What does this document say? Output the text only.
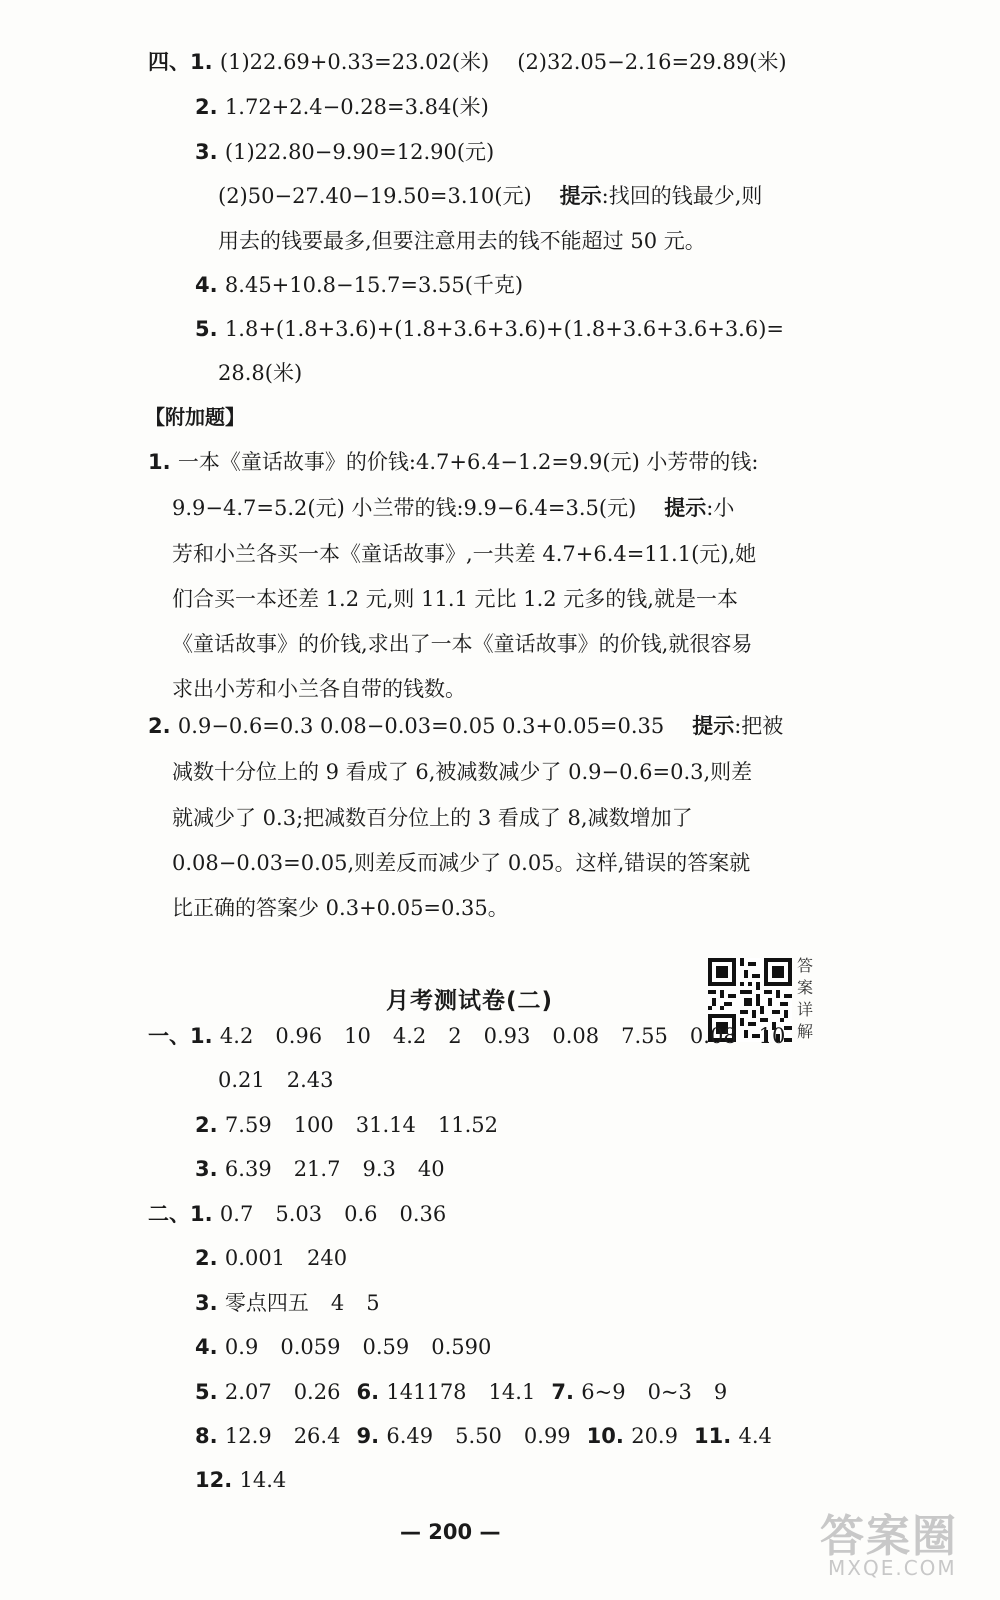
四、1. (1)22.69+0.33=23.02(米) (2)32.05−2.16=29.89(米)
2. 1.72+2.4−0.28=3.84(米)
3. (1)22.80−9.90=12.90(元)
(2)50−27.40−19.50=3.10(元) 提示:找回的钱最少,则
用去的钱要最多,但要注意用去的钱不能超过 50 元。
4. 8.45+10.8−15.7=3.55(千克)
5. 1.8+(1.8+3.6)+(1.8+3.6+3.6)+(1.8+3.6+3.6+3.6)=
28.8(米)
【附加题】
1. 一本《童话故事》的价钱:4.7+6.4−1.2=9.9(元) 小芳带的钱:
9.9−4.7=5.2(元) 小兰带的钱:9.9−6.4=3.5(元) 提示:小
芳和小兰各买一本《童话故事》,一共差 4.7+6.4=11.1(元),她
们合买一本还差 1.2 元,则 11.1 元比 1.2 元多的钱,就是一本
《童话故事》的价钱,求出了一本《童话故事》的价钱,就很容易
求出小芳和小兰各自带的钱数。
2. 0.9−0.6=0.3 0.08−0.03=0.05 0.3+0.05=0.35 提示:把被
减数十分位上的 9 看成了 6,被减数减少了 0.9−0.6=0.3,则差
就减少了 0.3;把减数百分位上的 3 看成了 8,减数增加了
0.08−0.03=0.05,则差反而减少了 0.05。这样,错误的答案就
比正确的答案少 0.3+0.05=0.35。
月考测试卷(二)
答案详解
一、1. 4.2 0.96 10 4.2 2 0.93 0.08 7.55 0.08 10
0.21 2.43
2. 7.59 100 31.14 11.52
3. 6.39 21.7 9.3 40
二、1. 0.7 5.03 0.6 0.36
2. 0.001 240
3. 零点四五 4 5
4. 0.9 0.059 0.59 0.590
5. 2.07 0.26 6. 141178 14.1 7. 6~9 0~3 9
8. 12.9 26.4 9. 6.49 5.50 0.99 10. 20.9 11. 4.4
12. 14.4
— 200 —	答案圈
MXQE.COM
